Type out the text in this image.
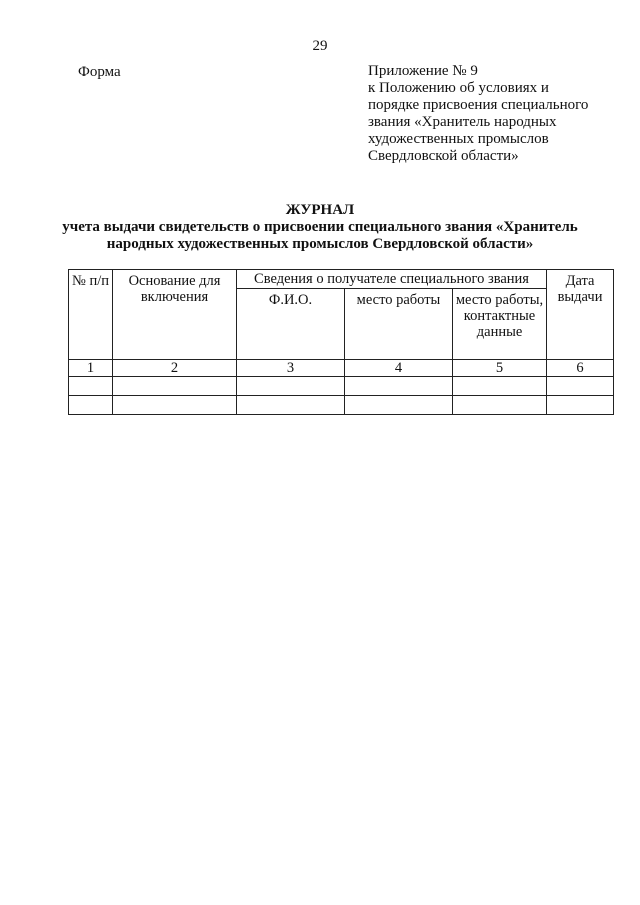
29
Форма	Приложение № 9
к Положению об условиях и
порядке присвоения специального
звания «Хранитель народных
художественных промыслов
Свердловской области»
ЖУРНАЛ
учета выдачи свидетельств о присвоении специального звания «Хранитель
народных художественных промыслов Свердловской области»
№ п/п	Основание для включения	Сведения о получателе специального звания			Дата выдачи
		Ф.И.О.	место работы	место работы, контактные данные	
1	2	3	4	5	6
